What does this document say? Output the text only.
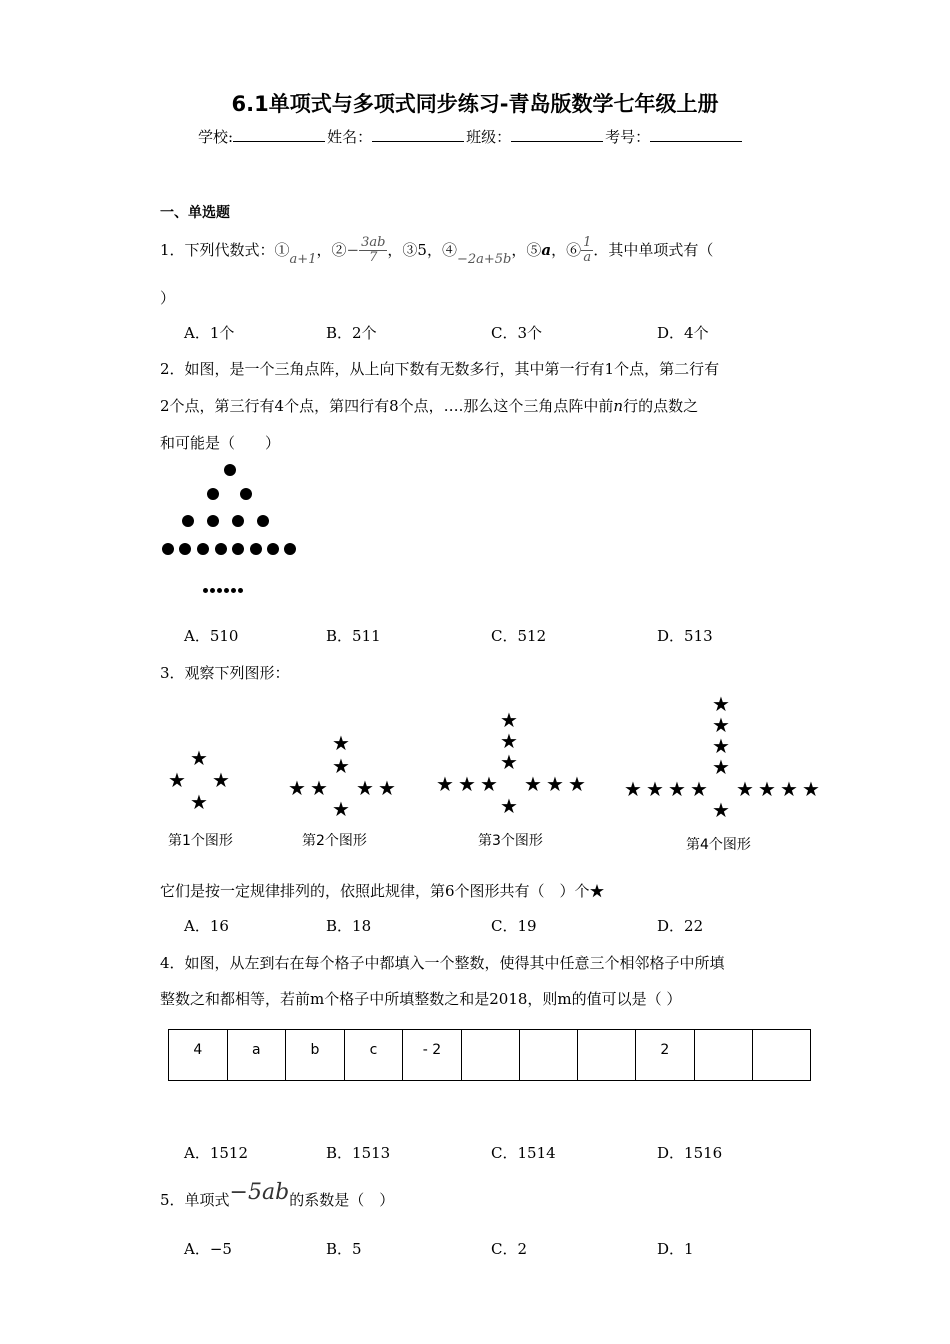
6.1单项式与多项式同步练习-青岛版数学七年级上册
学校:	姓名：	班级：	考号：
一、单选题
1．下列代数式：①a+1，②− $\frac{3ab}{7}$ ，③5，④−2a+5b，⑤a，⑥ $\frac{1}{a}$ ．其中单项式有（
）
A．1个	B．2个	C．3个	D．4个
2．如图，是一个三角点阵，从上向下数有无数多行，其中第一行有1个点，第二行有
2个点，第三行有4个点，第四行有8个点，….那么这个三角点阵中前n行的点数之
和可能是（　　）
A．510	B．511	C．512	D．513
3．观察下列图形：
★
★ ★
★
★
★
★ ★ ★ ★
★
★
★
★
★ ★ ★ ★ ★ ★
★
★
★
★
★
★ ★ ★ ★ ★ ★ ★ ★
★
第1个图形	第2个图形	第3个图形	第4个图形
它们是按一定规律排列的，依照此规律，第6个图形共有（　）个★
A．16	B．18	C．19	D．22
4．如图，从左到右在每个格子中都填入一个整数，使得其中任意三个相邻格子中所填
整数之和都相等，若前m个格子中所填整数之和是2018，则m的值可以是（ ）
4	a	b	c	- 2				2		
A．1512	B．1513	C．1514	D．1516
5．单项式−5ab的系数是（　）
A．−5	B．5	C．2	D．1
